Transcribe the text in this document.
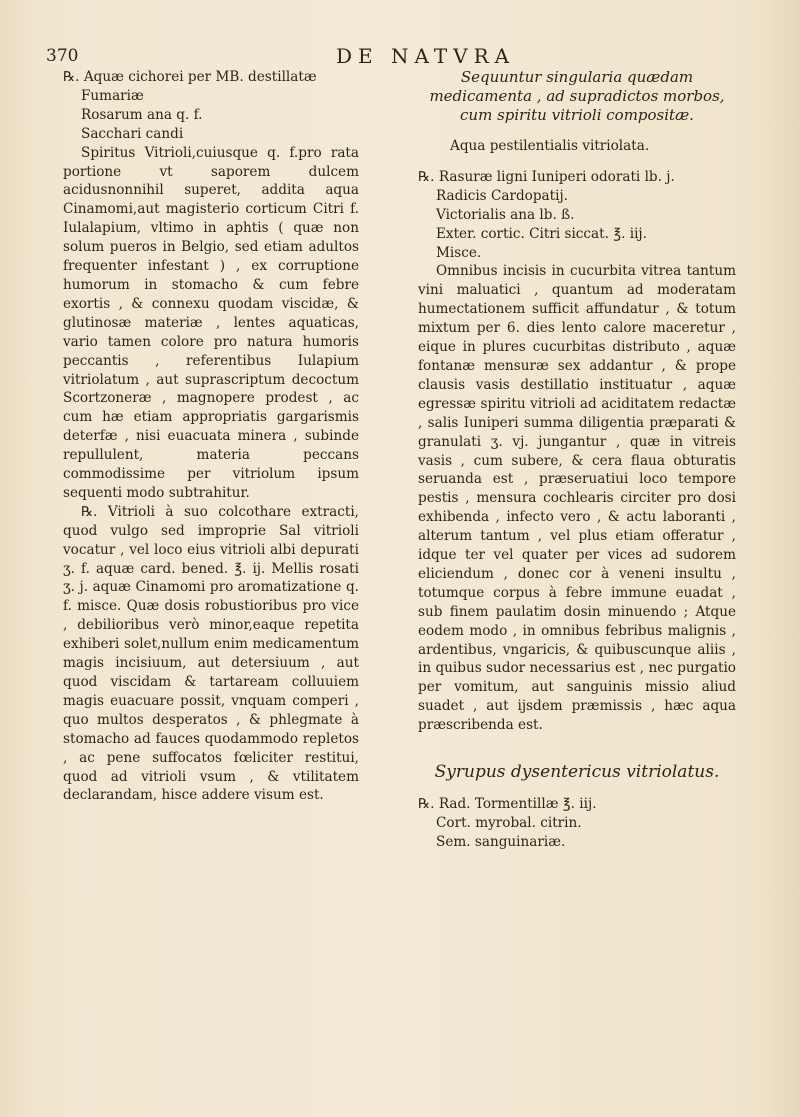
370	DE NATVRA

℞. Aquæ cichorei per MB. destillatæ

Fumariæ

Rosarum ana q. f.

Sacchari candi

Spiritus Vitrioli,cuiusque q. f.pro rata portione vt saporem dulcem acidusnonnihil superet, addita aqua Cinamomi,aut magisterio corticum Citri f. Iulalapium, vltimo in aphtis ( quæ non solum pueros in Belgio, sed etiam adultos frequenter infestant ) , ex corruptione humorum in stomacho & cum febre exortis , & connexu quodam viscidæ, & glutinosæ materiæ , lentes aquaticas, vario tamen colore pro natura humoris peccantis , referentibus Iulapium vitriolatum , aut suprascriptum decoctum Scortzoneræ , magnopere prodest , ac cum hæ etiam appropriatis gargarismis deterfæ , nisi euacuata minera , subinde repullulent, materia peccans commodissime per vitriolum ipsum sequenti modo subtrahitur.

℞. Vitrioli à suo colcothare extracti, quod vulgo sed improprie Sal vitrioli vocatur , vel loco eius vitrioli albi depurati ʒ. f. aquæ card. bened. ℥. ij. Mellis rosati ʒ. j. aquæ Cinamomi pro aromatizatione q. f. misce. Quæ dosis robustioribus pro vice , debilioribus verò minor,eaque repetita exhiberi solet,nullum enim medicamentum magis incisiuum, aut detersiuum , aut quod viscidam & tartaream colluuiem magis euacuare possit, vnquam comperi , quo multos desperatos , & phlegmate à stomacho ad fauces quodammodo repletos , ac pene suffocatos fœliciter restitui, quod ad vitrioli vsum , & vtilitatem declarandam, hisce addere visum est.

Sequuntur singularia quædam medicamenta , ad supradictos morbos,

cum spiritu vitrioli compositæ.

Aqua pestilentialis vitriolata.

℞. Rasuræ ligni Iuniperi odorati lb. j.

Radicis Cardopatij.

Victorialis ana lb. ß.

Exter. cortic. Citri siccat. ℥. iij.

Misce.

Omnibus incisis in cucurbita vitrea tantum vini maluatici , quantum ad moderatam humectationem sufficit affundatur , & totum mixtum per 6. dies lento calore maceretur , eique in plures cucurbitas distributo , aquæ fontanæ mensuræ sex addantur , & prope clausis vasis destillatio instituatur , aquæ egressæ spiritu vitrioli ad aciditatem redactæ , salis Iuniperi summa diligentia præparati & granulati ʒ. vj. jungantur , quæ in vitreis vasis , cum subere, & cera flaua obturatis seruanda est , præseruatiui loco tempore pestis , mensura cochlearis circiter pro dosi exhibenda , infecto vero , & actu laboranti , alterum tantum , vel plus etiam offeratur , idque ter vel quater per vices ad sudorem eliciendum , donec cor à veneni insultu , totumque corpus à febre immune euadat , sub finem paulatim dosin minuendo ; Atque eodem modo , in omnibus febribus malignis , ardentibus, vngaricis, & quibuscunque aliis , in quibus sudor necessarius est , nec purgatio per vomitum, aut sanguinis missio aliud suadet , aut ijsdem præmissis , hæc aqua præscribenda est.

Syrupus dysentericus vitriolatus.

℞. Rad. Tormentillæ ℥. iij.

Cort. myrobal. citrin.

Sem. sanguinariæ.
